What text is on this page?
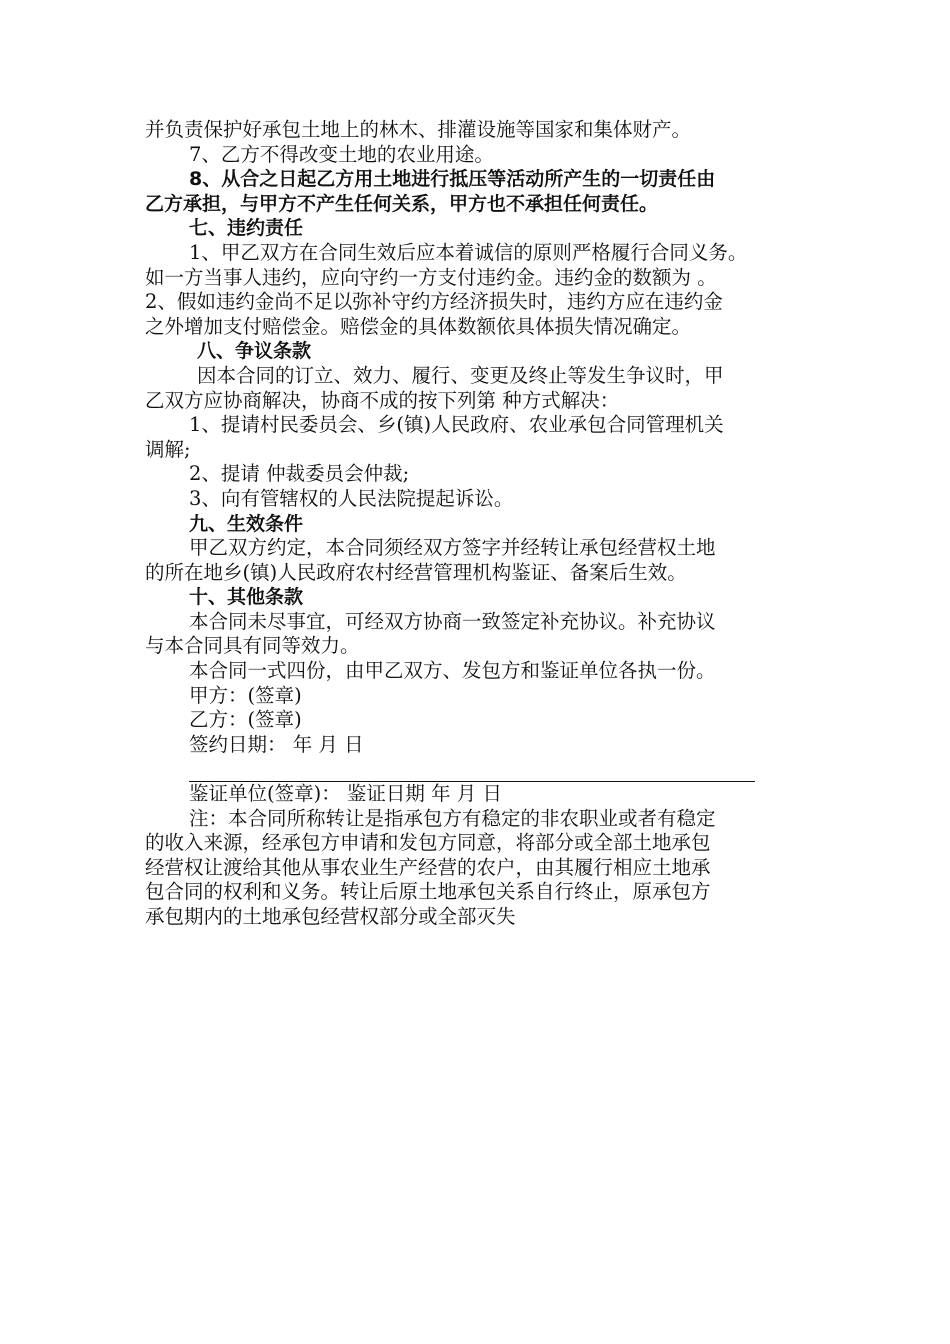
并负责保护好承包土地上的林木、排灌设施等国家和集体财产。

7、乙方不得改变土地的农业用途。

8、从合之日起乙方用土地进行抵压等活动所产生的一切责任由

乙方承担，与甲方不产生任何关系，甲方也不承担任何责任。

七、违约责任

1、甲乙双方在合同生效后应本着诚信的原则严格履行合同义务。

如一方当事人违约，应向守约一方支付违约金。违约金的数额为 。

2、假如违约金尚不足以弥补守约方经济损失时，违约方应在违约金

之外增加支付赔偿金。赔偿金的具体数额依具体损失情况确定。

八、争议条款

因本合同的订立、效力、履行、变更及终止等发生争议时，甲

乙双方应协商解决，协商不成的按下列第 种方式解决：

1、提请村民委员会、乡(镇)人民政府、农业承包合同管理机关

调解;

2、提请 仲裁委员会仲裁;

3、向有管辖权的人民法院提起诉讼。

九、生效条件

甲乙双方约定，本合同须经双方签字并经转让承包经营权土地

的所在地乡(镇)人民政府农村经营管理机构鉴证、备案后生效。

十、其他条款

本合同未尽事宜，可经双方协商一致签定补充协议。补充协议

与本合同具有同等效力。

本合同一式四份，由甲乙双方、发包方和鉴证单位各执一份。

甲方：(签章)

乙方：(签章)

签约日期： 年 月 日

鉴证单位(签章)： 鉴证日期 年 月 日

注：本合同所称转让是指承包方有稳定的非农职业或者有稳定

的收入来源，经承包方申请和发包方同意，将部分或全部土地承包

经营权让渡给其他从事农业生产经营的农户，由其履行相应土地承

包合同的权利和义务。转让后原土地承包关系自行终止，原承包方

承包期内的土地承包经营权部分或全部灭失
